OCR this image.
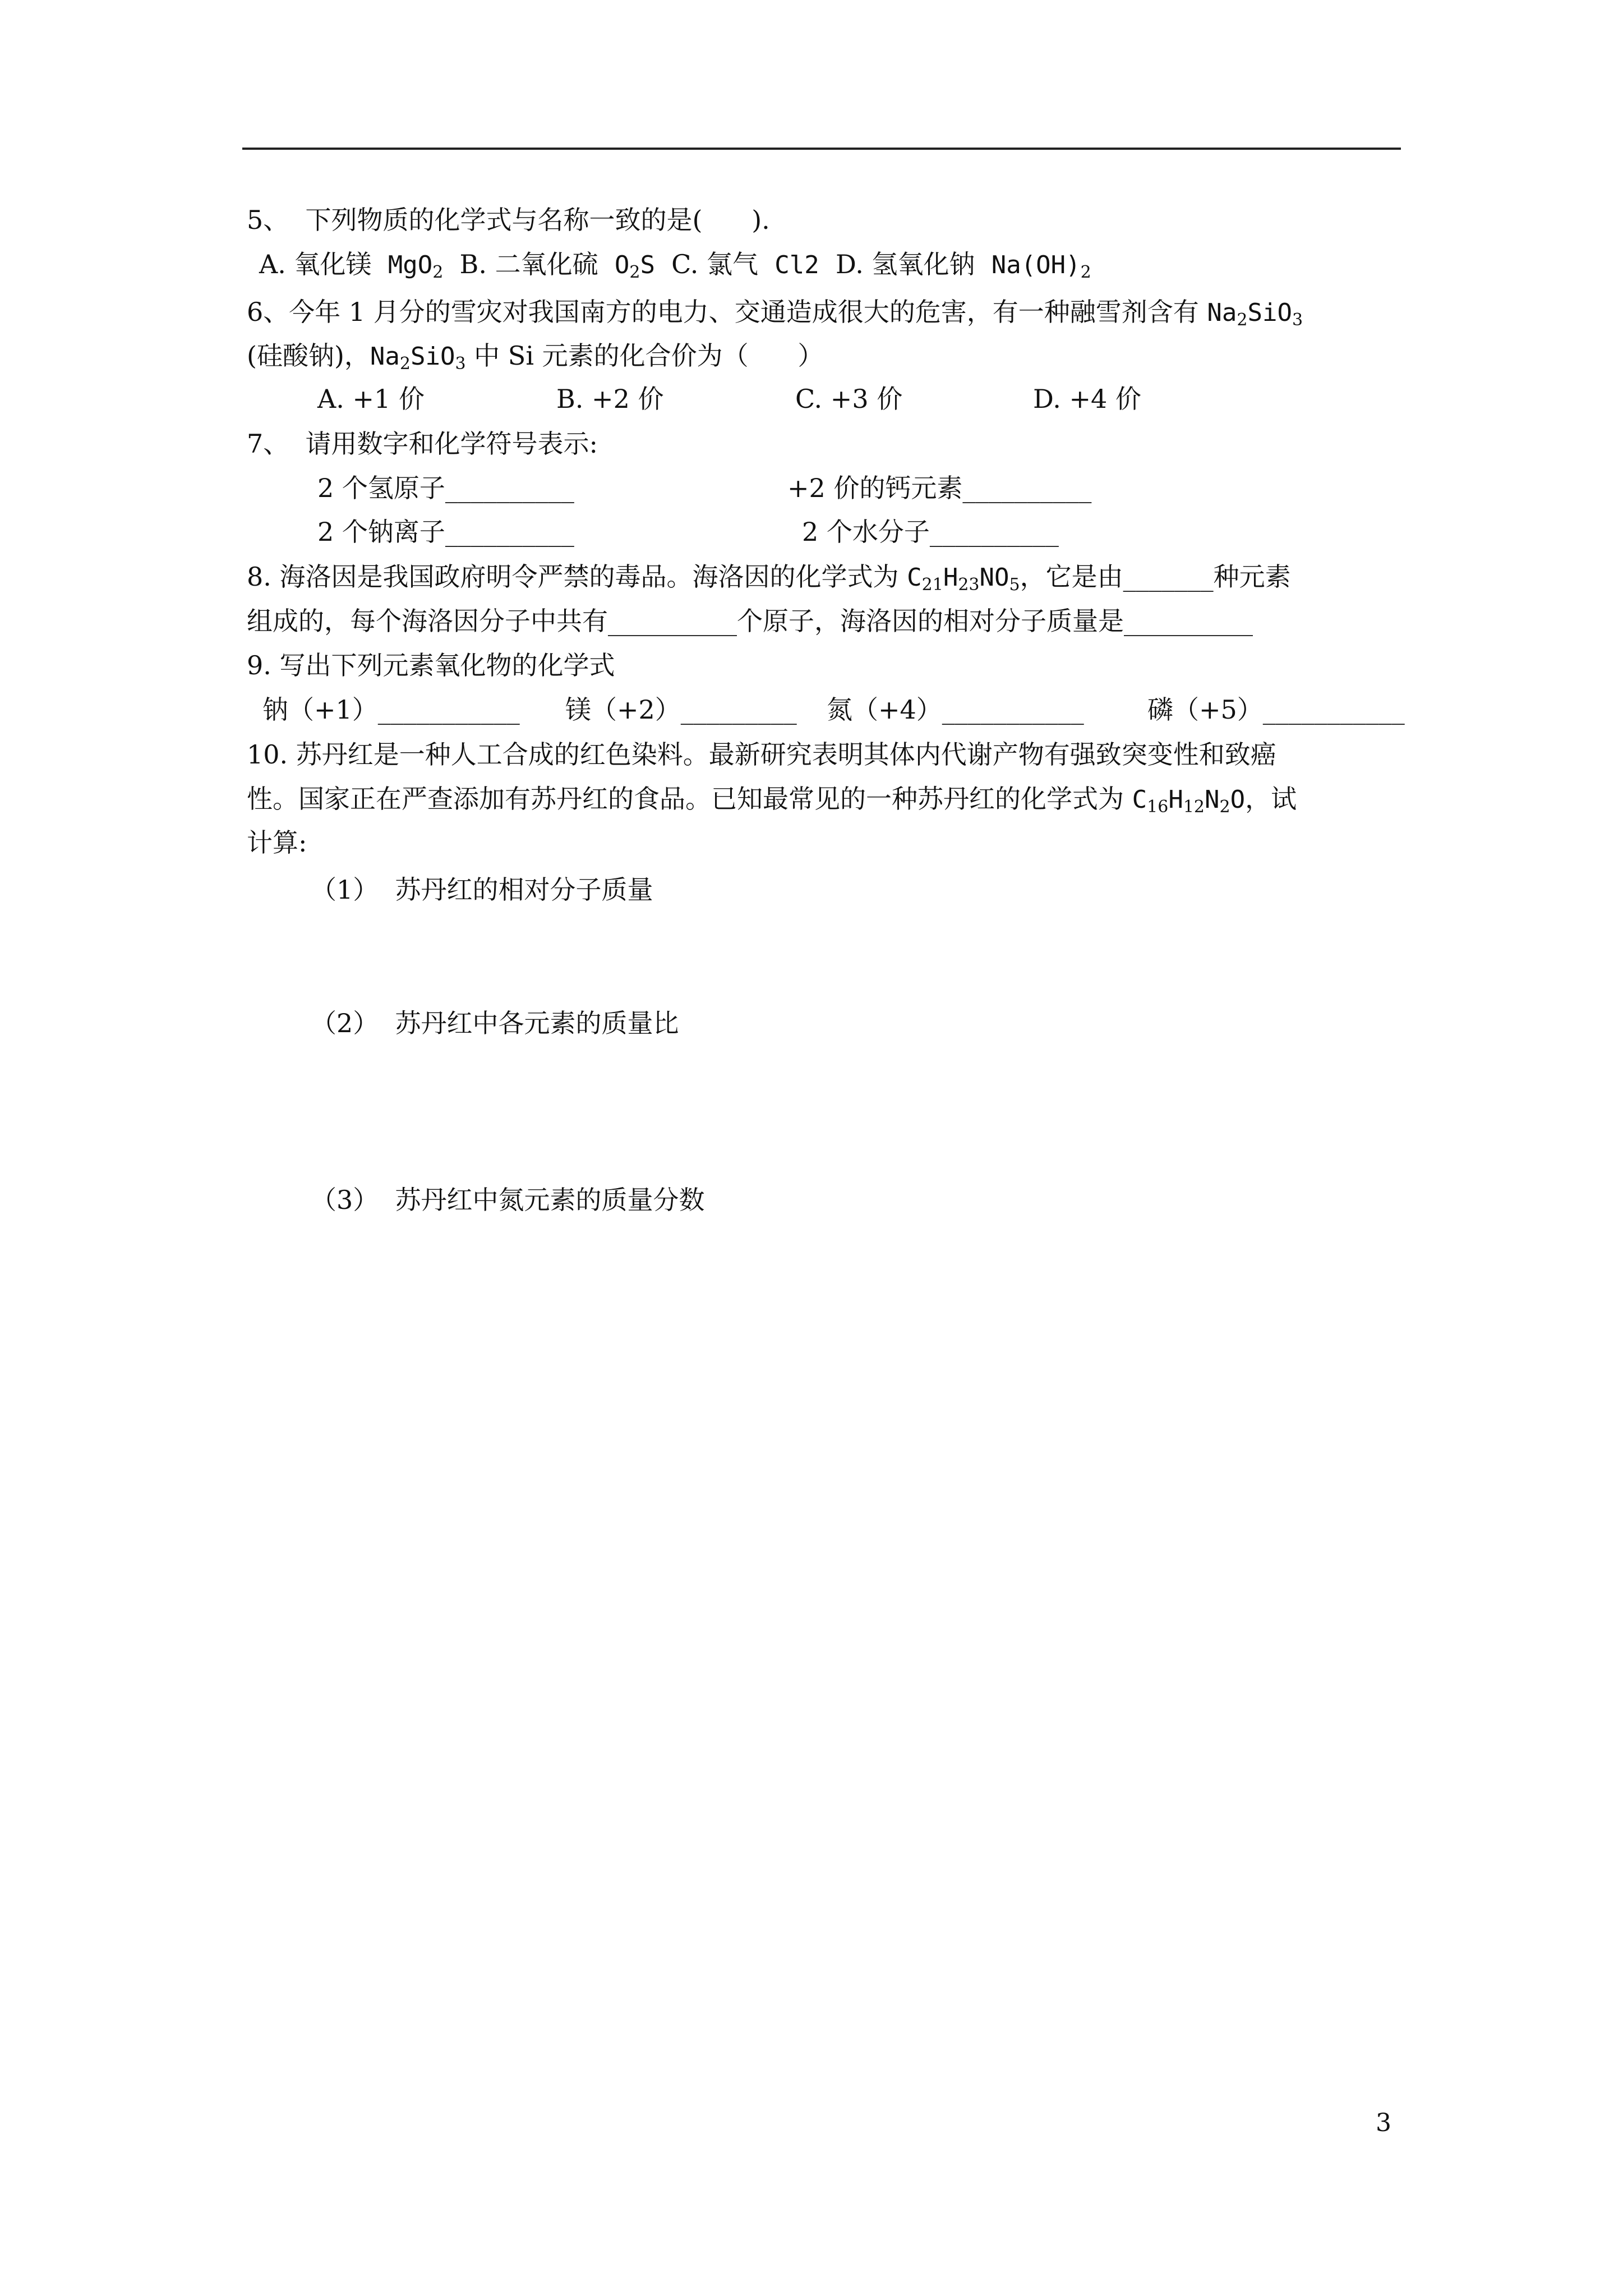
5、  下列物质的化学式与名称一致的是(      ).
A. 氧化镁  MgO$_2$  B. 二氧化硫  $O_2S$  C. 氯气  Cl2  D. 氢氧化钠  $Na(OH)_2$
6、今年 1 月分的雪灾对我国南方的电力、交通造成很大的危害，有一种融雪剂含有 $Na_2SiO_3$
(硅酸钠)，$Na_2SiO_3$ 中 Si 元素的化合价为（      ）
A. +1 价	B. +2 价	C. +3 价	D. +4 价
7、  请用数字和化学符号表示:
2 个氢原子__________	+2 价的钙元素__________
2 个钠离子__________	2 个水分子__________
8. 海洛因是我国政府明令严禁的毒品。海洛因的化学式为 $C_{21}H_{23}NO_5$，它是由_______种元素
组成的，每个海洛因分子中共有__________个原子，海洛因的相对分子质量是__________
9. 写出下列元素氧化物的化学式
钠（+1）___________ 镁（+2）_________ 氮（+4）___________ 磷（+5）___________
10. 苏丹红是一种人工合成的红色染料。最新研究表明其体内代谢产物有强致突变性和致癌
性。国家正在严查添加有苏丹红的食品。已知最常见的一种苏丹红的化学式为 $C_{16}H_{12}N_2O$，试
计算:
（1）  苏丹红的相对分子质量
（2）  苏丹红中各元素的质量比
（3）  苏丹红中氮元素的质量分数
3
